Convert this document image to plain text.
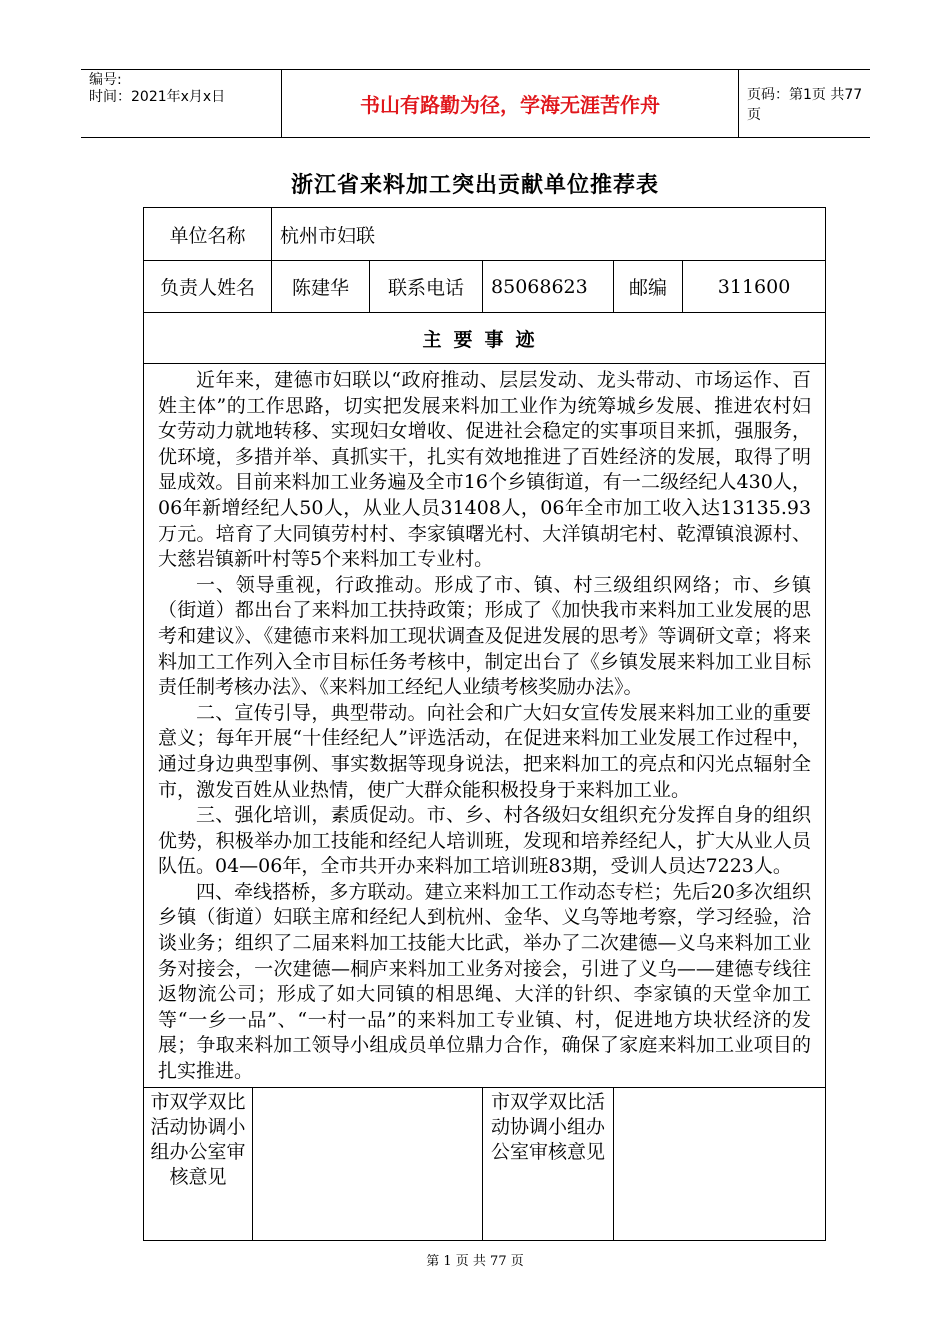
编号:
时间：2021年x月x日	书山有路勤为径，学海无涯苦作舟	页码：第1页 共77页
浙江省来料加工突出贡献单位推荐表
单位名称		杭州市妇联				
负责人姓名		陈建华	联系电话	85068623	邮编	311600
主要事迹						

近年来，建德市妇联以“政府推动、层层发动、龙头带动、市场运作、百姓主体”的工作思路，切实把发展来料加工业作为统筹城乡发展、推进农村妇女劳动力就地转移、实现妇女增收、促进社会稳定的实事项目来抓，强服务，优环境，多措并举、真抓实干，扎实有效地推进了百姓经济的发展，取得了明显成效。目前来料加工业务遍及全市16个乡镇街道，有一二级经纪人430人，06年新增经纪人50人，从业人员31408人，06年全市加工收入达13135.93万元。培育了大同镇劳村村、李家镇曙光村、大洋镇胡宅村、乾潭镇浪源村、大慈岩镇新叶村等5个来料加工专业村。

一、领导重视，行政推动。形成了市、镇、村三级组织网络；市、乡镇（街道）都出台了来料加工扶持政策；形成了《加快我市来料加工业发展的思考和建议》、《建德市来料加工现状调查及促进发展的思考》等调研文章；将来料加工工作列入全市目标任务考核中，制定出台了《乡镇发展来料加工业目标责任制考核办法》、《来料加工经纪人业绩考核奖励办法》。

二、宣传引导，典型带动。向社会和广大妇女宣传发展来料加工业的重要意义；每年开展“十佳经纪人”评选活动，在促进来料加工业发展工作过程中，通过身边典型事例、事实数据等现身说法，把来料加工的亮点和闪光点辐射全市，激发百姓从业热情，使广大群众能积极投身于来料加工业。

三、强化培训，素质促动。市、乡、村各级妇女组织充分发挥自身的组织优势，积极举办加工技能和经纪人培训班，发现和培养经纪人，扩大从业人员队伍。04—06年，全市共开办来料加工培训班83期，受训人员达7223人。

四、牵线搭桥，多方联动。建立来料加工工作动态专栏；先后20多次组织乡镇（街道）妇联主席和经纪人到杭州、金华、义乌等地考察，学习经验，洽谈业务；组织了二届来料加工技能大比武，举办了二次建德—义乌来料加工业务对接会，一次建德—桐庐来料加工业务对接会，引进了义乌——建德专线往返物流公司；形成了如大同镇的相思绳、大洋的针织、李家镇的天堂伞加工等“一乡一品”、“一村一品”的来料加工专业镇、村，促进地方块状经济的发展；争取来料加工领导小组成员单位鼎力合作，确保了家庭来料加工业项目的扎实推进。						

市双学双比活动协调小组办公室审核意见				市双学双比活动协调小组办公室审核意见		
第 1 页 共 77 页
